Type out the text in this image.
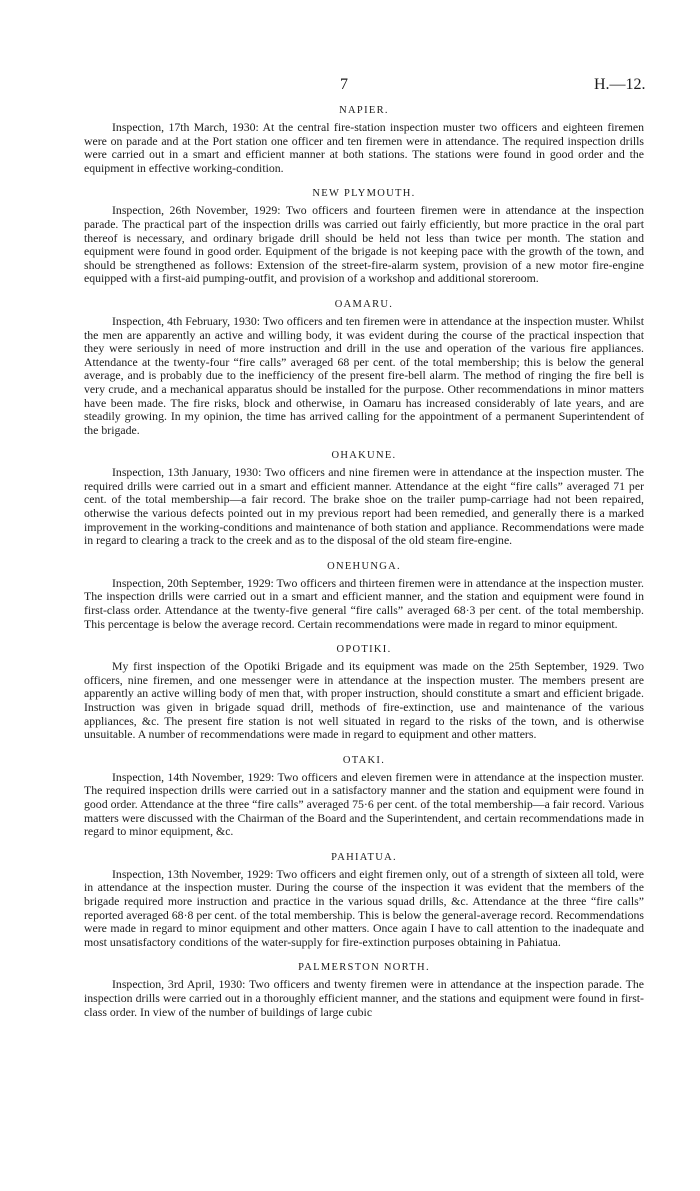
7	H.—12.
NAPIER.

Inspection, 17th March, 1930: At the central fire-station inspection muster two officers and eighteen firemen were on parade and at the Port station one officer and ten firemen were in attendance. The required inspection drills were carried out in a smart and efficient manner at both stations. The stations were found in good order and the equipment in effective working-condition.

NEW PLYMOUTH.

Inspection, 26th November, 1929: Two officers and fourteen firemen were in attendance at the inspection parade. The practical part of the inspection drills was carried out fairly efficiently, but more practice in the oral part thereof is necessary, and ordinary brigade drill should be held not less than twice per month. The station and equipment were found in good order. Equipment of the brigade is not keeping pace with the growth of the town, and should be strengthened as follows: Extension of the street-fire-alarm system, provision of a new motor fire-engine equipped with a first-aid pumping-outfit, and provision of a workshop and additional storeroom.

OAMARU.

Inspection, 4th February, 1930: Two officers and ten firemen were in attendance at the inspection muster. Whilst the men are apparently an active and willing body, it was evident during the course of the practical inspection that they were seriously in need of more instruction and drill in the use and operation of the various fire appliances. Attendance at the twenty-four “fire calls” averaged 68 per cent. of the total membership; this is below the general average, and is probably due to the inefficiency of the present fire-bell alarm. The method of ringing the fire bell is very crude, and a mechanical apparatus should be installed for the purpose. Other recommendations in minor matters have been made. The fire risks, block and otherwise, in Oamaru has increased considerably of late years, and are steadily growing. In my opinion, the time has arrived calling for the appointment of a permanent Superintendent of the brigade.

OHAKUNE.

Inspection, 13th January, 1930: Two officers and nine firemen were in attendance at the inspection muster. The required drills were carried out in a smart and efficient manner. Attendance at the eight “fire calls” averaged 71 per cent. of the total membership—a fair record. The brake shoe on the trailer pump-carriage had not been repaired, otherwise the various defects pointed out in my previous report had been remedied, and generally there is a marked improvement in the working-conditions and maintenance of both station and appliance. Recommendations were made in regard to clearing a track to the creek and as to the disposal of the old steam fire-engine.

ONEHUNGA.

Inspection, 20th September, 1929: Two officers and thirteen firemen were in attendance at the inspection muster. The inspection drills were carried out in a smart and efficient manner, and the station and equipment were found in first-class order. Attendance at the twenty-five general “fire calls” averaged 68·3 per cent. of the total membership. This percentage is below the average record. Certain recommendations were made in regard to minor equipment.

OPOTIKI.

My first inspection of the Opotiki Brigade and its equipment was made on the 25th September, 1929. Two officers, nine firemen, and one messenger were in attendance at the inspection muster. The members present are apparently an active willing body of men that, with proper instruction, should constitute a smart and efficient brigade. Instruction was given in brigade squad drill, methods of fire-extinction, use and maintenance of the various appliances, &c. The present fire station is not well situated in regard to the risks of the town, and is otherwise unsuitable. A number of recommendations were made in regard to equipment and other matters.

OTAKI.

Inspection, 14th November, 1929: Two officers and eleven firemen were in attendance at the inspection muster. The required inspection drills were carried out in a satisfactory manner and the station and equipment were found in good order. Attendance at the three “fire calls” averaged 75·6 per cent. of the total membership—a fair record. Various matters were discussed with the Chairman of the Board and the Superintendent, and certain recommendations made in regard to minor equipment, &c.

PAHIATUA.

Inspection, 13th November, 1929: Two officers and eight firemen only, out of a strength of sixteen all told, were in attendance at the inspection muster. During the course of the inspection it was evident that the members of the brigade required more instruction and practice in the various squad drills, &c. Attendance at the three “fire calls” reported averaged 68·8 per cent. of the total membership. This is below the general-average record. Recommendations were made in regard to minor equipment and other matters. Once again I have to call attention to the inadequate and most unsatisfactory conditions of the water-supply for fire-extinction purposes obtaining in Pahiatua.

PALMERSTON NORTH.

Inspection, 3rd April, 1930: Two officers and twenty firemen were in attendance at the inspection parade. The inspection drills were carried out in a thoroughly efficient manner, and the stations and equipment were found in first-class order. In view of the number of buildings of large cubic
